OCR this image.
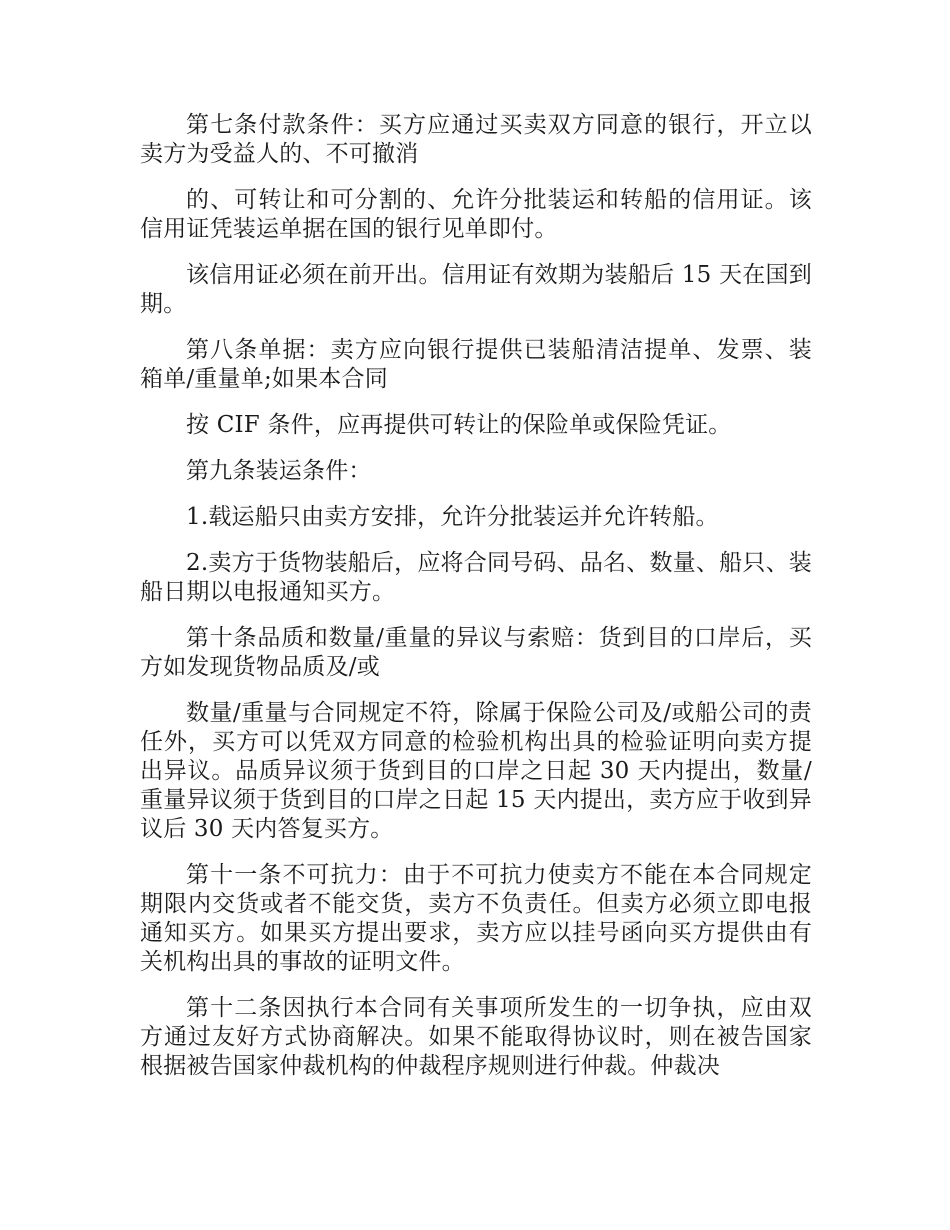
第七条付款条件：买方应通过买卖双方同意的银行，开立以卖方为受益人的、不可撤消

的、可转让和可分割的、允许分批装运和转船的信用证。该信用证凭装运单据在国的银行见单即付。

该信用证必须在前开出。信用证有效期为装船后 15 天在国到期。

第八条单据：卖方应向银行提供已装船清洁提单、发票、装箱单/重量单;如果本合同

按 CIF 条件，应再提供可转让的保险单或保险凭证。

第九条装运条件：

1.载运船只由卖方安排，允许分批装运并允许转船。

2.卖方于货物装船后，应将合同号码、品名、数量、船只、装船日期以电报通知买方。

第十条品质和数量/重量的异议与索赔：货到目的口岸后，买方如发现货物品质及/或

数量/重量与合同规定不符，除属于保险公司及/或船公司的责任外，买方可以凭双方同意的检验机构出具的检验证明向卖方提出异议。品质异议须于货到目的口岸之日起 30 天内提出，数量/重量异议须于货到目的口岸之日起 15 天内提出，卖方应于收到异议后 30 天内答复买方。

第十一条不可抗力：由于不可抗力使卖方不能在本合同规定期限内交货或者不能交货，卖方不负责任。但卖方必须立即电报通知买方。如果买方提出要求，卖方应以挂号函向买方提供由有关机构出具的事故的证明文件。

第十二条因执行本合同有关事项所发生的一切争执，应由双方通过友好方式协商解决。如果不能取得协议时，则在被告国家根据被告国家仲裁机构的仲裁程序规则进行仲裁。仲裁决
